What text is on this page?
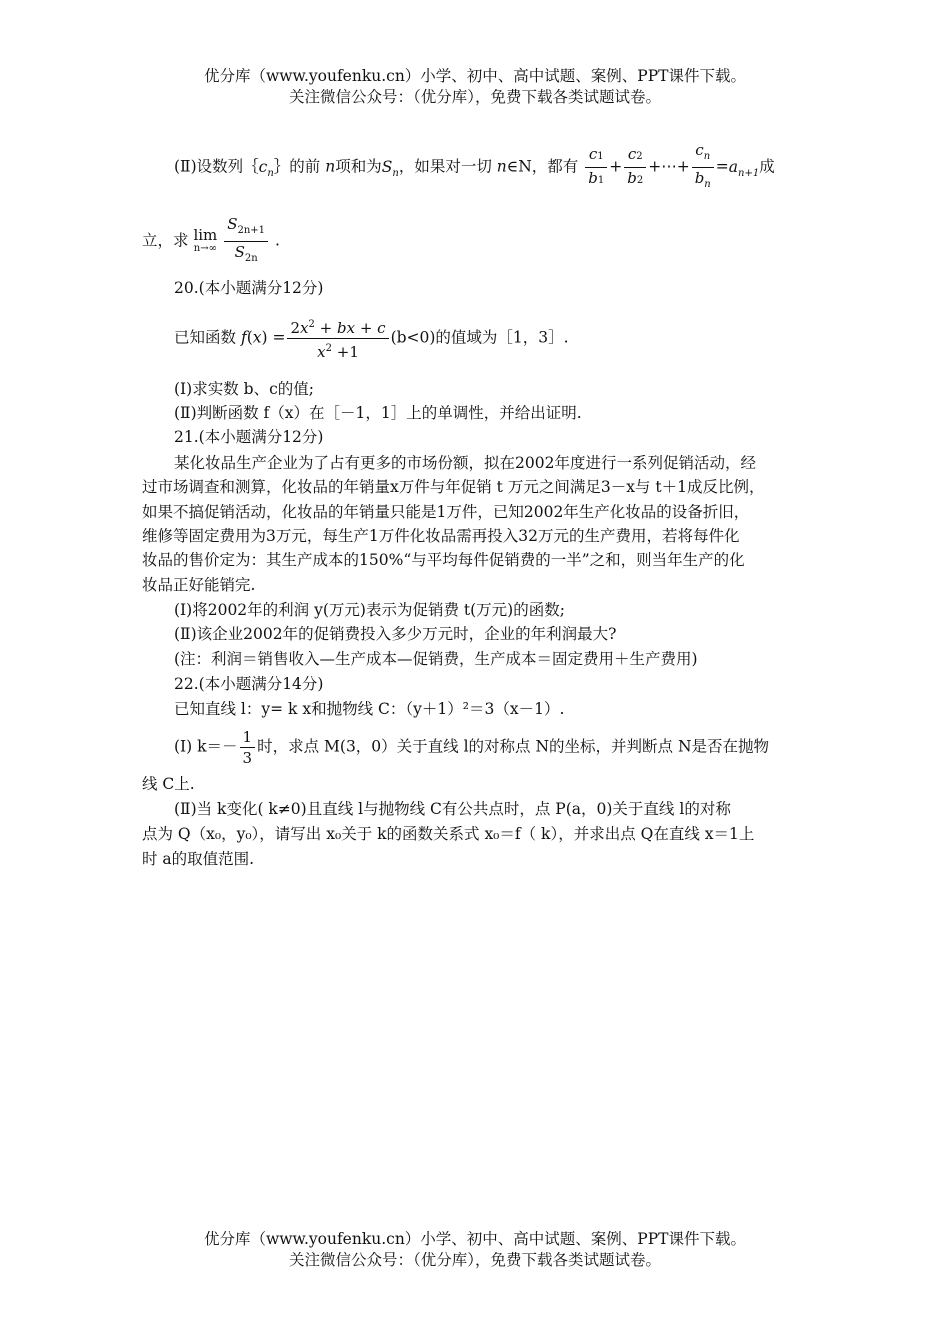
优分库（www.youfenku.cn）小学、初中、高中试题、案例、PPT课件下载。
关注微信公众号：（优分库），免费下载各类试题试卷。
(Ⅱ)设数列$\{c_n\}$的前 n项和为$S_n$，如果对一切 n∈N，都有 $\frac{c1}{b1} + \frac{c2}{b2}$ +⋯+ $\frac{c_n}{b_n} =a_{n+1}$成
立，求 lim
n→∞
$\frac{S_{2n+1}}{S_{2n}}$ .
20.(本小题满分12分)
已知函数 $f(x) = \frac{2x^2 + bx + c}{x^2 +1} (b<0)$的值域为［1，3］.
(Ⅰ)求实数 b、c的值;
(Ⅱ)判断函数 f（x）在［－1，1］上的单调性，并给出证明.
21.(本小题满分12分)
某化妆品生产企业为了占有更多的市场份额，拟在2002年度进行一系列促销活动，经
过市场调查和测算，化妆品的年销量x万件与年促销 t 万元之间满足3－x与 t＋1成反比例，
如果不搞促销活动，化妆品的年销量只能是1万件，已知2002年生产化妆品的设备折旧，
维修等固定费用为3万元，每生产1万件化妆品需再投入32万元的生产费用，若将每件化
妆品的售价定为：其生产成本的150%“与平均每件促销费的一半”之和，则当年生产的化
妆品正好能销完.
(Ⅰ)将2002年的利润 y(万元)表示为促销费 t(万元)的函数;
(Ⅱ)该企业2002年的促销费投入多少万元时，企业的年利润最大?
(注：利润＝销售收入—生产成本—促销费，生产成本＝固定费用＋生产费用)
22.(本小题满分14分)
已知直线 l：y= k x和抛物线 C：（y＋1）²＝3（x－1）.
(Ⅰ) $k=- \frac{1}{3}$ 时，求点 M(3，0）关于直线 l的对称点 N的坐标，并判断点 N是否在抛物
线 C上.
(Ⅱ)当 k变化( k≠0)且直线 l与抛物线 C有公共点时，点 P(a，0)关于直线 l的对称
点为 Q（x₀，y₀），请写出 x₀关于 k的函数关系式 x₀＝f（ k），并求出点 Q在直线 x＝1上
时 a的取值范围.
优分库（www.youfenku.cn）小学、初中、高中试题、案例、PPT课件下载。
关注微信公众号：（优分库），免费下载各类试题试卷。
